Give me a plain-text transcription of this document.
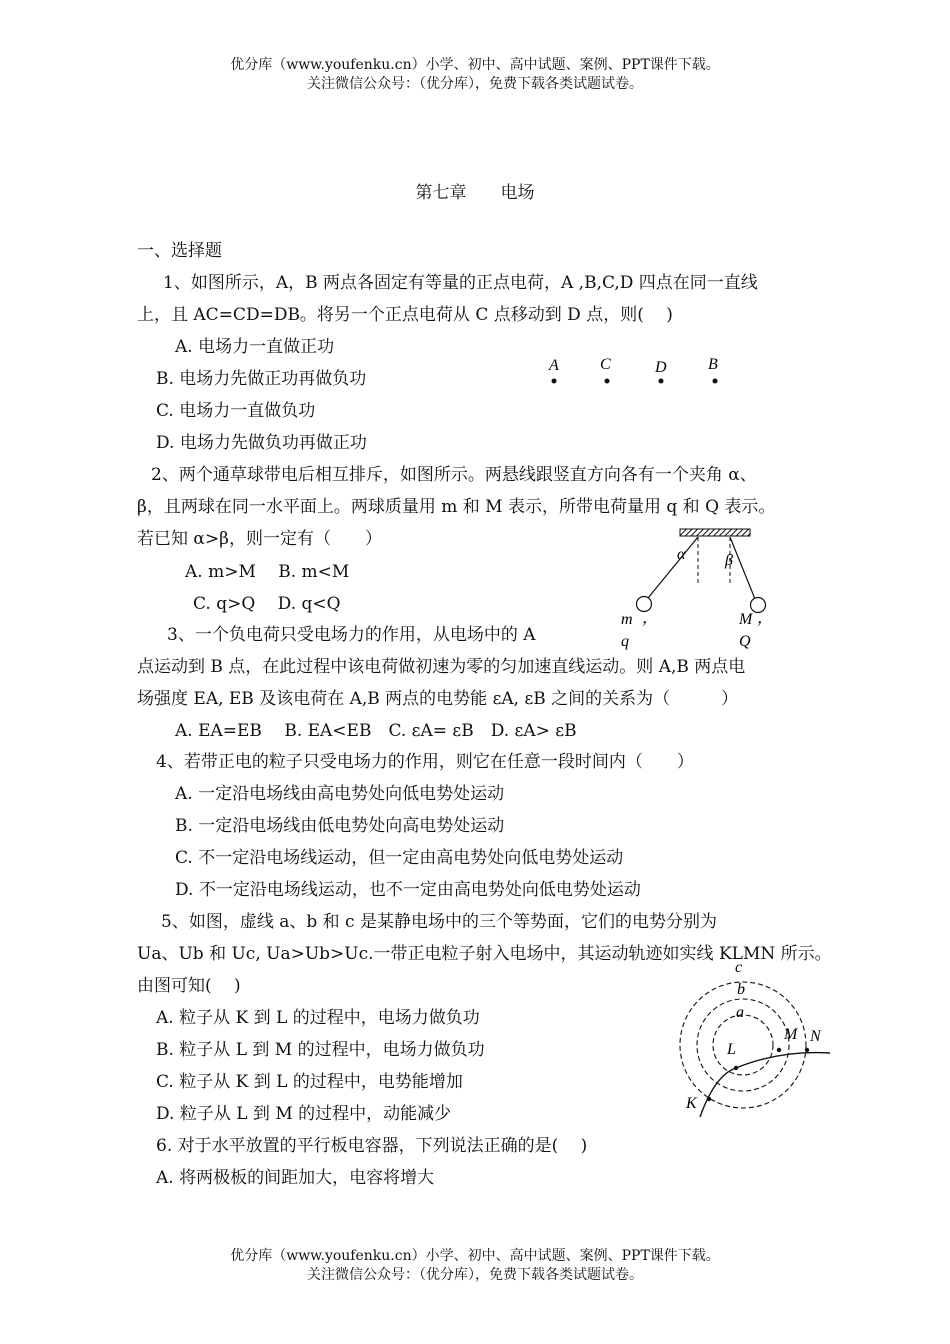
优分库（www.youfenku.cn）小学、初中、高中试题、案例、PPT课件下载。
关注微信公众号：（优分库），免费下载各类试题试卷。
第七章　　电场
一、选择题
1、如图所示，A，B 两点各固定有等量的正点电荷，A ,B,C,D 四点在同一直线
上，且 AC=CD=DB。将另一个正点电荷从 C 点移动到 D 点，则(　 )
A. 电场力一直做正功
B. 电场力先做正功再做负功
C. 电场力一直做负功
D. 电场力先做负功再做正功
2、两个通草球带电后相互排斥，如图所示。两悬线跟竖直方向各有一个夹角 α、
β，且两球在同一水平面上。两球质量用 m 和 M 表示，所带电荷量用 q 和 Q 表示。
若已知 α>β，则一定有（　　）
A. m>M　 B. m<M
C. q>Q　 D. q<Q
3、一个负电荷只受电场力的作用，从电场中的 A
点运动到 B 点，在此过程中该电荷做初速为零的匀加速直线运动。则 A,B 两点电
场强度 EA, EB 及该电荷在 A,B 两点的电势能 εA, εB 之间的关系为（　　　）
A. EA=EB　 B. EA<EB　C. εA= εB　D. εA> εB
4、若带正电的粒子只受电场力的作用，则它在任意一段时间内（　　）
A. 一定沿电场线由高电势处向低电势处运动
B. 一定沿电场线由低电势处向高电势处运动
C. 不一定沿电场线运动，但一定由高电势处向低电势处运动
D. 不一定沿电场线运动，也不一定由高电势处向低电势处运动
5、如图，虚线 a、b 和 c 是某静电场中的三个等势面，它们的电势分别为
Ua、Ub 和 Uc, Ua>Ub>Uc.一带正电粒子射入电场中，其运动轨迹如实线 KLMN 所示。
由图可知(　 )
A. 粒子从 K 到 L 的过程中，电场力做负功
B. 粒子从 L 到 M 的过程中，电场力做负功
C. 粒子从 K 到 L 的过程中，电势能增加
D. 粒子从 L 到 M 的过程中，动能减少
6. 对于水平放置的平行板电容器，下列说法正确的是(　 )
A. 将两极板的间距加大，电容将增大
A	C	D	B
α β
m ，
q
M ，
Q
c
b
a
L
M N
K
优分库（www.youfenku.cn）小学、初中、高中试题、案例、PPT课件下载。
关注微信公众号：（优分库），免费下载各类试题试卷。
